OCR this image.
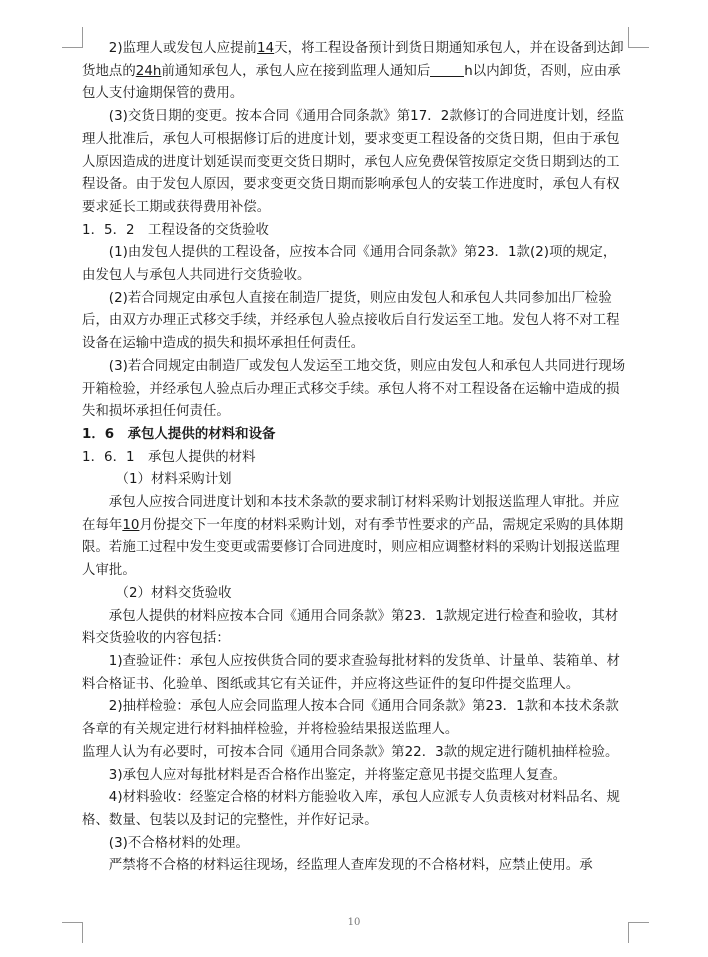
2)监理人或发包人应提前14天，将工程设备预计到货日期通知承包人，并在设备到达卸货地点的24h前通知承包人，承包人应在接到监理人通知后	h以内卸货，否则，应由承包人支付逾期保管的费用。

(3)交货日期的变更。按本合同《通用合同条款》第17．2款修订的合同进度计划，经监理人批准后，承包人可根据修订后的进度计划，要求变更工程设备的交货日期，但由于承包人原因造成的进度计划延误而变更交货日期时，承包人应免费保管按原定交货日期到达的工程设备。由于发包人原因，要求变更交货日期而影响承包人的安装工作进度时，承包人有权要求延长工期或获得费用补偿。

1．5．2　工程设备的交货验收

(1)由发包人提供的工程设备，应按本合同《通用合同条款》第23．1款(2)项的规定，由发包人与承包人共同进行交货验收。

(2)若合同规定由承包人直接在制造厂提货，则应由发包人和承包人共同参加出厂检验后，由双方办理正式移交手续，并经承包人验点接收后自行发运至工地。发包人将不对工程设备在运输中造成的损失和损坏承担任何责任。

(3)若合同规定由制造厂或发包人发运至工地交货，则应由发包人和承包人共同进行现场开箱检验，并经承包人验点后办理正式移交手续。承包人将不对工程设备在运输中造成的损失和损坏承担任何责任。

1．6　承包人提供的材料和设备

1．6．1　承包人提供的材料

（1）材料采购计划

承包人应按合同进度计划和本技术条款的要求制订材料采购计划报送监理人审批。并应在每年10月份提交下一年度的材料采购计划，对有季节性要求的产品，需规定采购的具体期限。若施工过程中发生变更或需要修订合同进度时，则应相应调整材料的采购计划报送监理人审批。

（2）材料交货验收

承包人提供的材料应按本合同《通用合同条款》第23．1款规定进行检查和验收，其材料交货验收的内容包括：

1)查验证件：承包人应按供货合同的要求查验每批材料的发货单、计量单、装箱单、材料合格证书、化验单、图纸或其它有关证件，并应将这些证件的复印件提交监理人。

2)抽样检验：承包人应会同监理人按本合同《通用合同条款》第23．1款和本技术条款各章的有关规定进行材料抽样检验，并将检验结果报送监理人。

监理人认为有必要时，可按本合同《通用合同条款》第22．3款的规定进行随机抽样检验。

3)承包人应对每批材料是否合格作出鉴定，并将鉴定意见书提交监理人复查。

4)材料验收：经鉴定合格的材料方能验收入库，承包人应派专人负责核对材料品名、规格、数量、包装以及封记的完整性，并作好记录。

(3)不合格材料的处理。

严禁将不合格的材料运往现场，经监理人查库发现的不合格材料，应禁止使用。承

10
